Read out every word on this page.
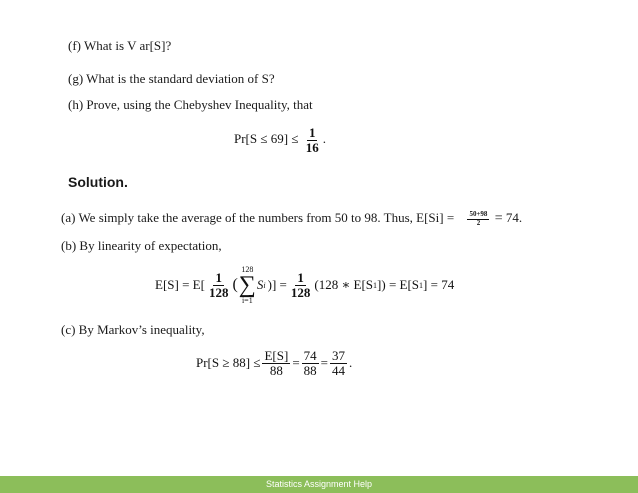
(f) What is V ar[S]?
(g) What is the standard deviation of S?
(h) Prove, using the Chebyshev Inequality, that
$Pr[S \le 69] \le \frac{1}{16}$ .
Solution.
(a) We simply take the average of the numbers from 50 to 98. Thus, $E[Si] = \frac{50+98}{2} = 74$.
(b) By linearity of expectation,
$E[S] = E[ \frac{1}{128}$ (
128
∑
i=1
S i )] = $\frac{1}{128} (128$ ∗ E[S 1 ]) = E[S 1 ] = 74
(c) By Markov’s inequality,
$Pr[S \ge 88] \le \frac{E[S]}{88} = \frac{74}{88} = \frac{37}{44}$ .
Statistics Assignment Help
